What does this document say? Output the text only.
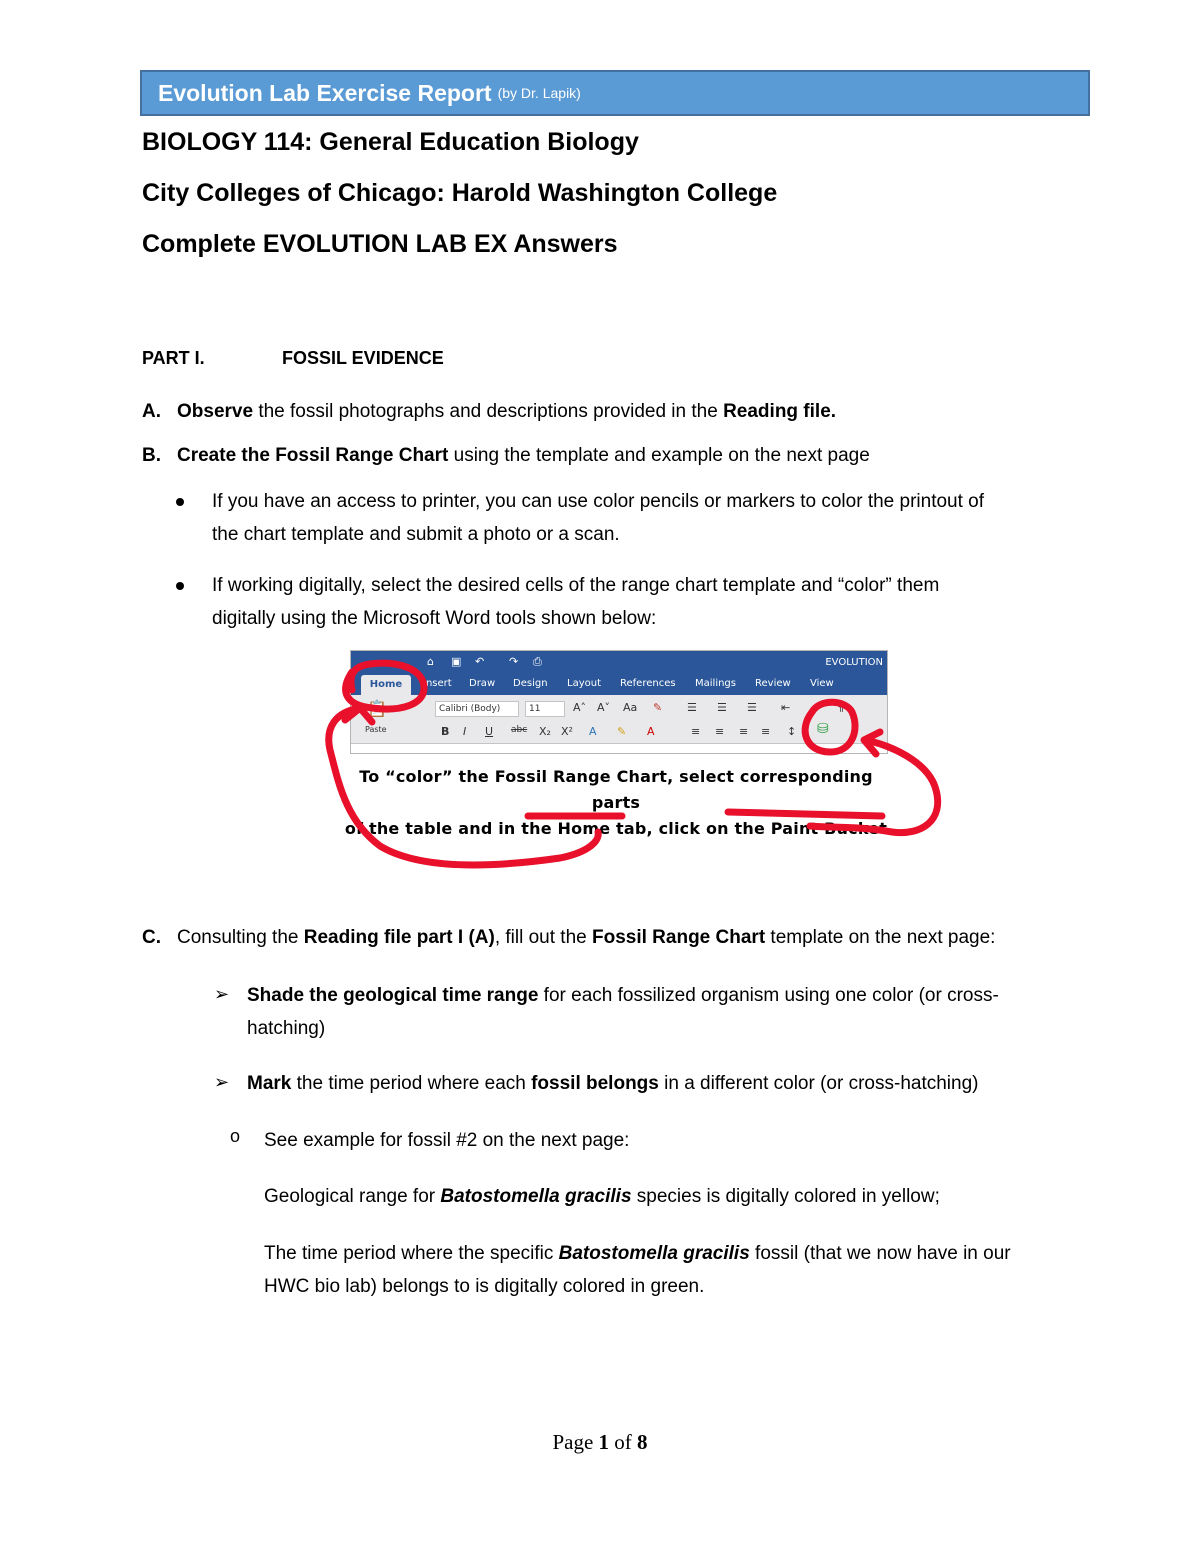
Evolution Lab Exercise Report (by Dr. Lapik)
BIOLOGY 114: General Education Biology
City Colleges of Chicago: Harold Washington College
Complete EVOLUTION LAB EX Answers
PART I.	FOSSIL EVIDENCE
A. Observe the fossil photographs and descriptions provided in the Reading file.
B. Create the Fossil Range Chart using the template and example on the next page
If you have an access to printer, you can use color pencils or markers to color the printout of
the chart template and submit a photo or a scan.
If working digitally, select the desired cells of the range chart template and “color” them
digitally using the Microsoft Word tools shown below:
⌂ ▣ ↶ ↷ ⎙	EVOLUTION
Home	Insert Draw Design Layout References Mailings Review View
📋
Paste
Calibri (Body)	11	A˄ A˅ Aa ✎ ☰ ☰ ☰ ⇤	¶
B I U abc X₂ X² A ✎ A	≡ ≡ ≡ ≡ ↕ ⛁
To “color” the Fossil Range Chart, select corresponding parts
of the table and in the Home tab, click on the Paint Bucket
C. Consulting the Reading file part I (A), fill out the Fossil Range Chart template on the next page:
➢ Shade the geological time range for each fossilized organism using one color (or cross-
hatching)
➢ Mark the time period where each fossil belongs in a different color (or cross-hatching)
o See example for fossil #2 on the next page:
Geological range for Batostomella gracilis species is digitally colored in yellow;
The time period where the specific Batostomella gracilis fossil (that we now have in our
HWC bio lab) belongs to is digitally colored in green.
Page 1 of 8
